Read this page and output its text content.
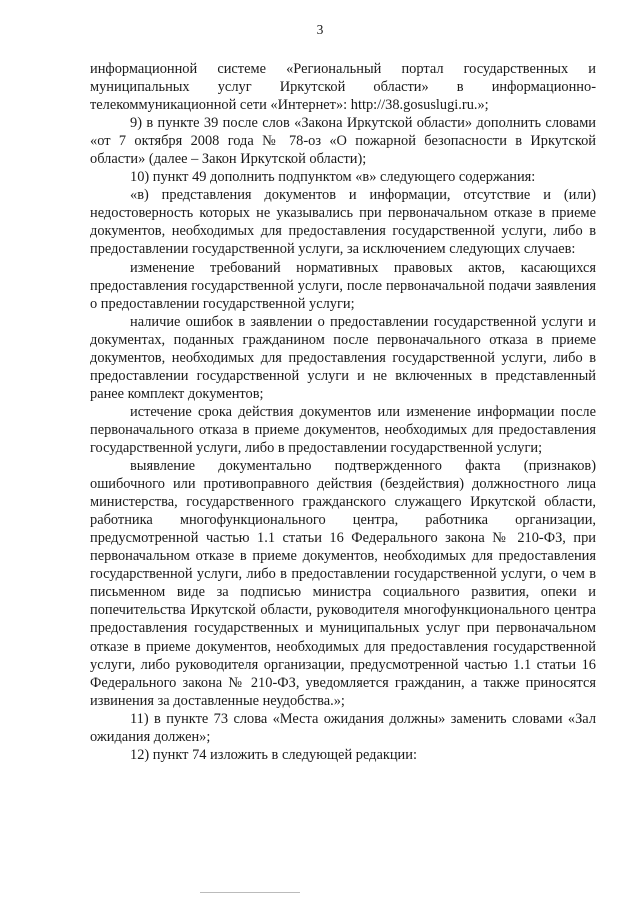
3

информационной системе «Региональный портал государственных и муниципальных услуг Иркутской области» в информационно-телекоммуникационной сети «Интернет»: http://38.gosuslugi.ru.»;

9) в пункте 39 после слов «Закона Иркутской области» дополнить словами «от 7 октября 2008 года № 78-оз «О пожарной безопасности в Иркутской области» (далее – Закон Иркутской области);

10) пункт 49 дополнить подпунктом «в» следующего содержания:

«в) представления документов и информации, отсутствие и (или) недостоверность которых не указывались при первоначальном отказе в приеме документов, необходимых для предоставления государственной услуги, либо в предоставлении государственной услуги, за исключением следующих случаев:

изменение требований нормативных правовых актов, касающихся предоставления государственной услуги, после первоначальной подачи заявления о предоставлении государственной услуги;

наличие ошибок в заявлении о предоставлении государственной услуги и документах, поданных гражданином после первоначального отказа в приеме документов, необходимых для предоставления государственной услуги, либо в предоставлении государственной услуги и не включенных в представленный ранее комплект документов;

истечение срока действия документов или изменение информации после первоначального отказа в приеме документов, необходимых для предоставления государственной услуги, либо в предоставлении государственной услуги;

выявление документально подтвержденного факта (признаков) ошибочного или противоправного действия (бездействия) должностного лица министерства, государственного гражданского служащего Иркутской области, работника многофункционального центра, работника организации, предусмотренной частью 1.1 статьи 16 Федерального закона № 210-ФЗ, при первоначальном отказе в приеме документов, необходимых для предоставления государственной услуги, либо в предоставлении государственной услуги, о чем в письменном виде за подписью министра социального развития, опеки и попечительства Иркутской области, руководителя многофункционального центра предоставления государственных и муниципальных услуг при первоначальном отказе в приеме документов, необходимых для предоставления государственной услуги, либо руководителя организации, предусмотренной частью 1.1 статьи 16 Федерального закона № 210-ФЗ, уведомляется гражданин, а также приносятся извинения за доставленные неудобства.»;

11) в пункте 73 слова «Места ожидания должны» заменить словами «Зал ожидания должен»;

12) пункт 74 изложить в следующей редакции:
